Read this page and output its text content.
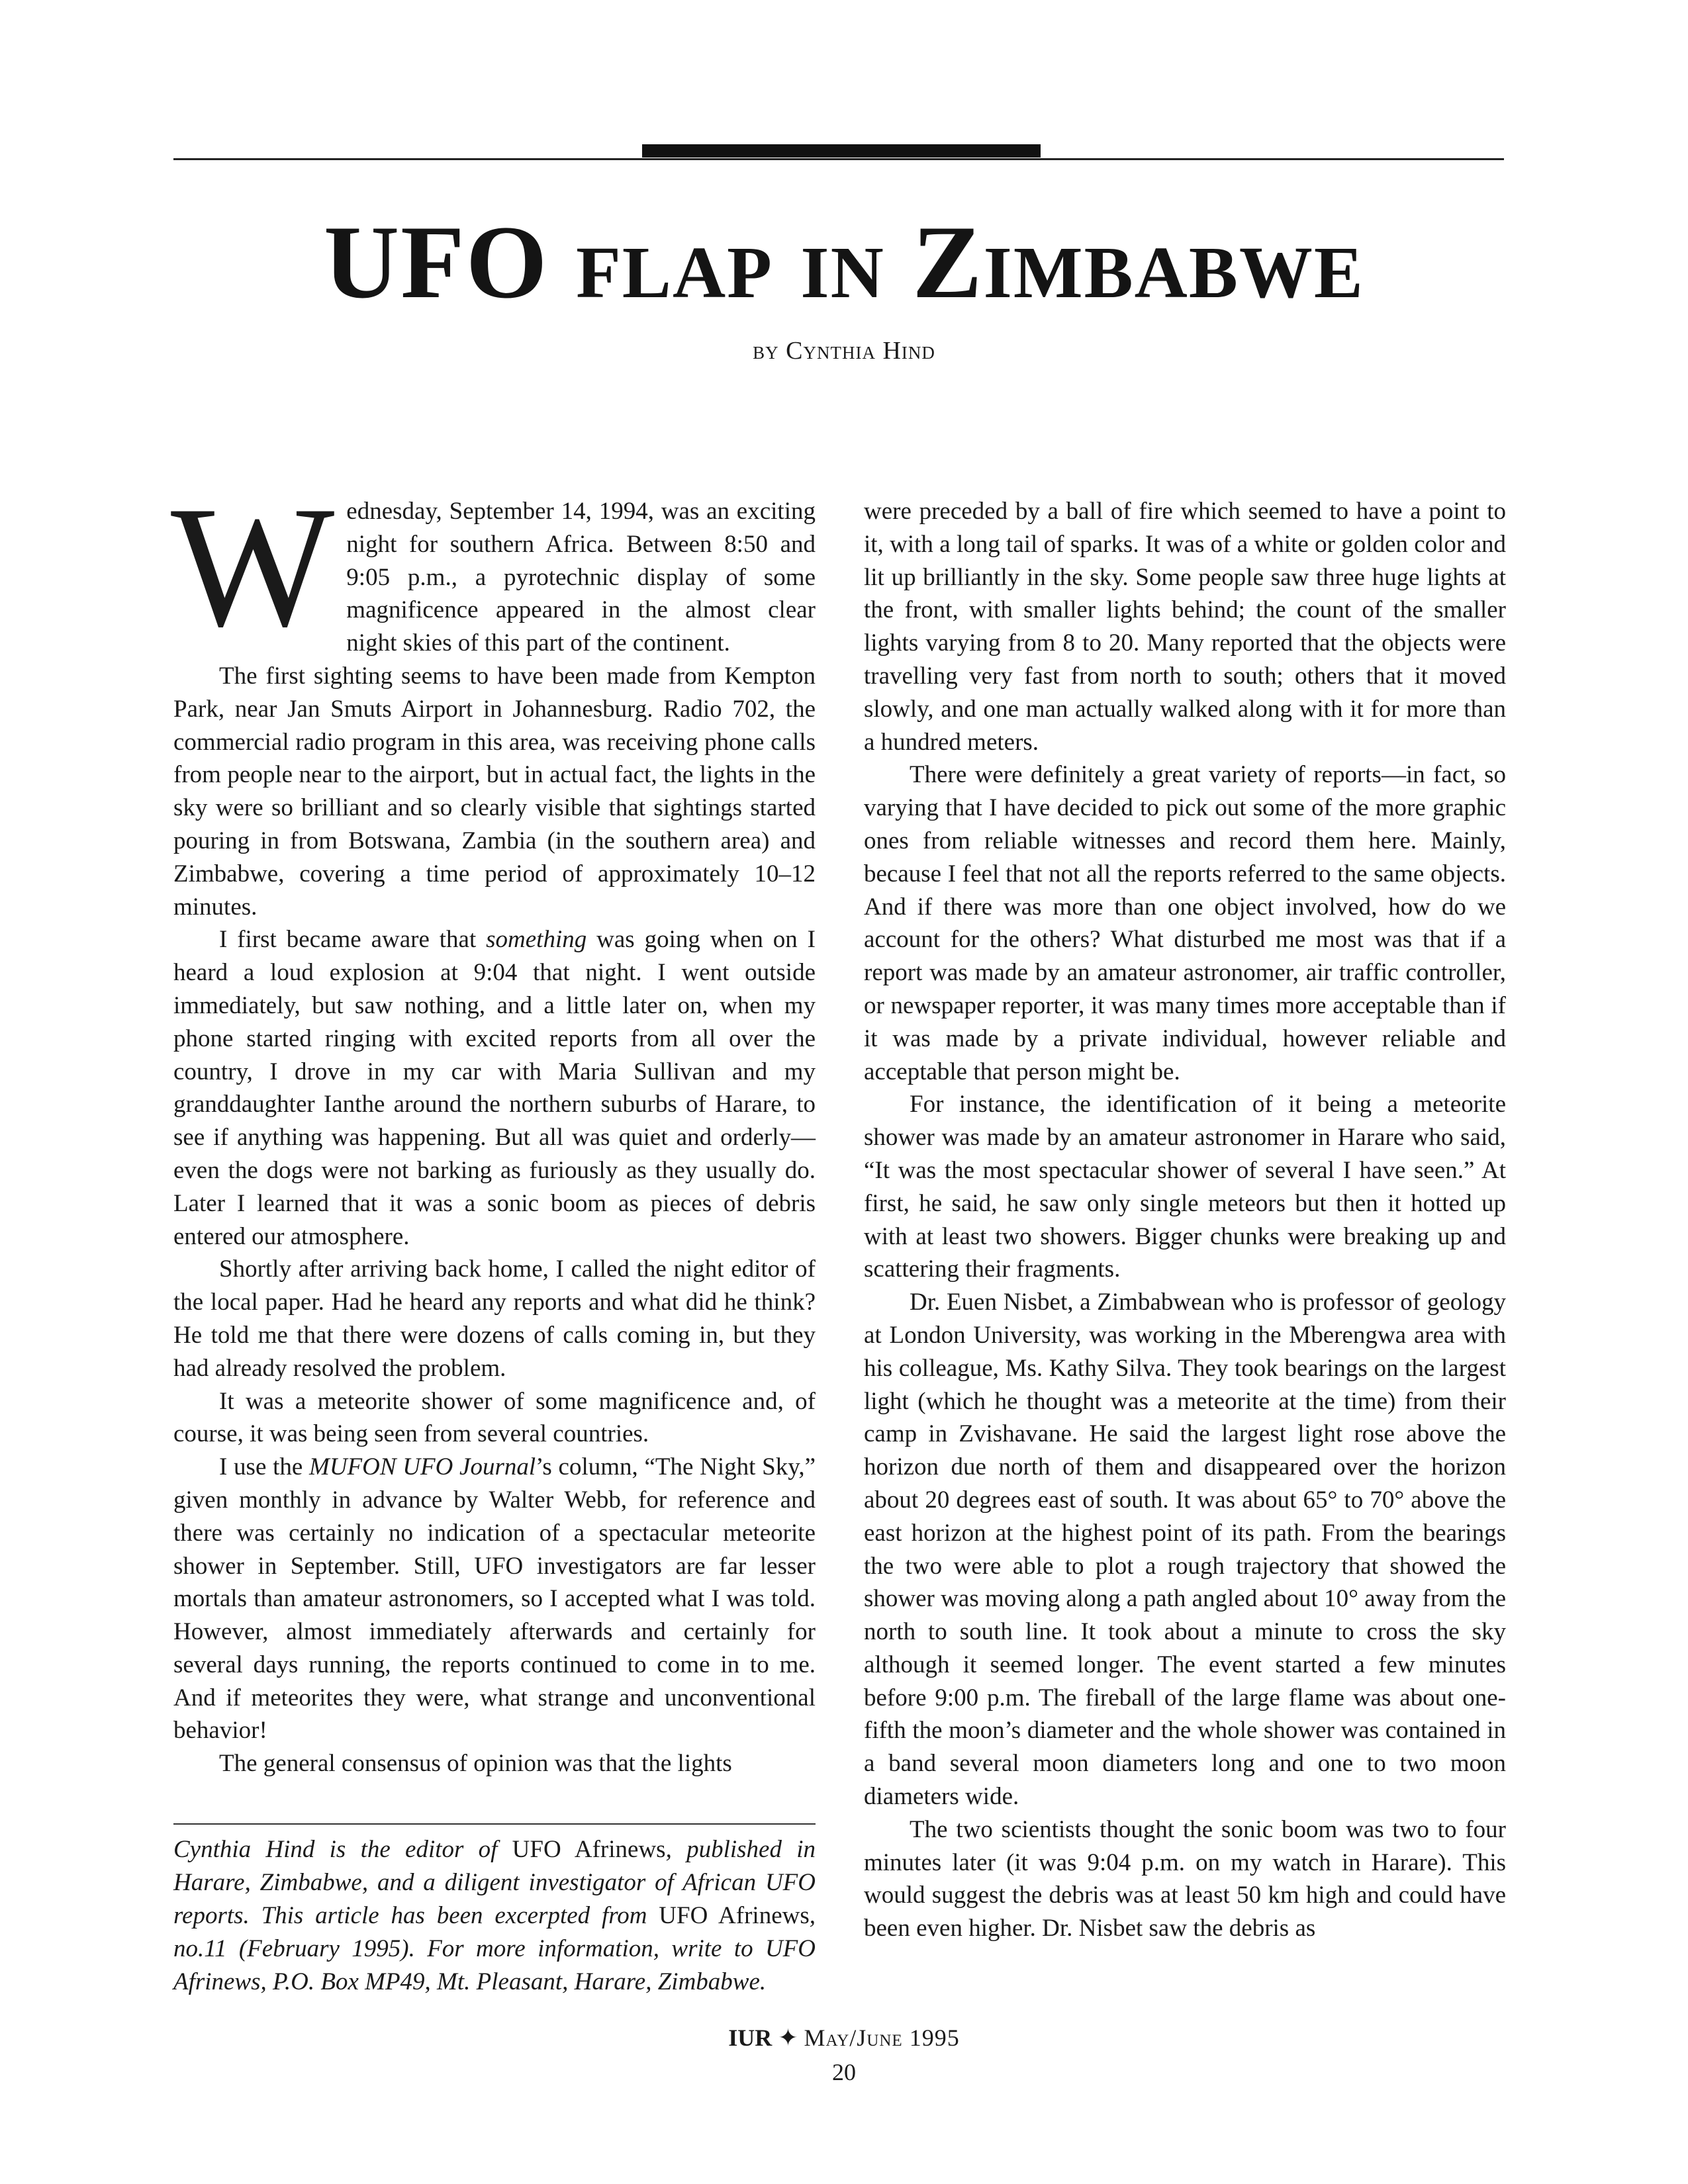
UFO flap in Zimbabwe
by Cynthia Hind

Wednesday, September 14, 1994, was an exciting night for southern Africa. Between 8:50 and 9:05 p.m., a pyrotechnic display of some magnificence appeared in the almost clear night skies of this part of the continent.

The first sighting seems to have been made from Kempton Park, near Jan Smuts Airport in Johannesburg. Radio 702, the commercial radio program in this area, was receiving phone calls from people near to the airport, but in actual fact, the lights in the sky were so brilliant and so clearly visible that sightings started pouring in from Botswana, Zambia (in the southern area) and Zimbabwe, covering a time period of approximately 10–12 minutes.

I first became aware that something was going when on I heard a loud explosion at 9:04 that night. I went outside immediately, but saw nothing, and a little later on, when my phone started ringing with excited reports from all over the country, I drove in my car with Maria Sullivan and my granddaughter Ianthe around the northern suburbs of Harare, to see if anything was happening. But all was quiet and orderly—even the dogs were not barking as furiously as they usually do. Later I learned that it was a sonic boom as pieces of debris entered our atmosphere.

Shortly after arriving back home, I called the night editor of the local paper. Had he heard any reports and what did he think? He told me that there were dozens of calls coming in, but they had already resolved the problem.

It was a meteorite shower of some magnificence and, of course, it was being seen from several countries.

I use the MUFON UFO Journal’s column, “The Night Sky,” given monthly in advance by Walter Webb, for reference and there was certainly no indication of a spectacular meteorite shower in September. Still, UFO investigators are far lesser mortals than amateur astronomers, so I accepted what I was told. However, almost immediately afterwards and certainly for several days running, the reports continued to come in to me. And if meteorites they were, what strange and unconventional behavior!

The general consensus of opinion was that the lights

Cynthia Hind is the editor of UFO Afrinews, published in Harare, Zimbabwe, and a diligent investigator of African UFO reports. This article has been excerpted from UFO Afrinews, no.11 (February 1995). For more information, write to UFO Afrinews, P.O. Box MP49, Mt. Pleasant, Harare, Zimbabwe.

were preceded by a ball of fire which seemed to have a point to it, with a long tail of sparks. It was of a white or golden color and lit up brilliantly in the sky. Some people saw three huge lights at the front, with smaller lights behind; the count of the smaller lights varying from 8 to 20. Many reported that the objects were travelling very fast from north to south; others that it moved slowly, and one man actually walked along with it for more than a hundred meters.

There were definitely a great variety of reports—in fact, so varying that I have decided to pick out some of the more graphic ones from reliable witnesses and record them here. Mainly, because I feel that not all the reports referred to the same objects. And if there was more than one object involved, how do we account for the others? What disturbed me most was that if a report was made by an amateur astronomer, air traffic controller, or newspaper reporter, it was many times more acceptable than if it was made by a private individual, however reliable and acceptable that person might be.

For instance, the identification of it being a meteorite shower was made by an amateur astronomer in Harare who said, “It was the most spectacular shower of several I have seen.” At first, he said, he saw only single meteors but then it hotted up with at least two showers. Bigger chunks were breaking up and scattering their fragments.

Dr. Euen Nisbet, a Zimbabwean who is professor of geology at London University, was working in the Mberengwa area with his colleague, Ms. Kathy Silva. They took bearings on the largest light (which he thought was a meteorite at the time) from their camp in Zvishavane. He said the largest light rose above the horizon due north of them and disappeared over the horizon about 20 degrees east of south. It was about 65° to 70° above the east horizon at the highest point of its path. From the bearings the two were able to plot a rough trajectory that showed the shower was moving along a path angled about 10° away from the north to south line. It took about a minute to cross the sky although it seemed longer. The event started a few minutes before 9:00 p.m. The fireball of the large flame was about one-fifth the moon’s diameter and the whole shower was contained in a band several moon diameters long and one to two moon diameters wide.

The two scientists thought the sonic boom was two to four minutes later (it was 9:04 p.m. on my watch in Harare). This would suggest the debris was at least 50 km high and could have been even higher. Dr. Nisbet saw the debris as

IUR ✦ May/June 1995
20
